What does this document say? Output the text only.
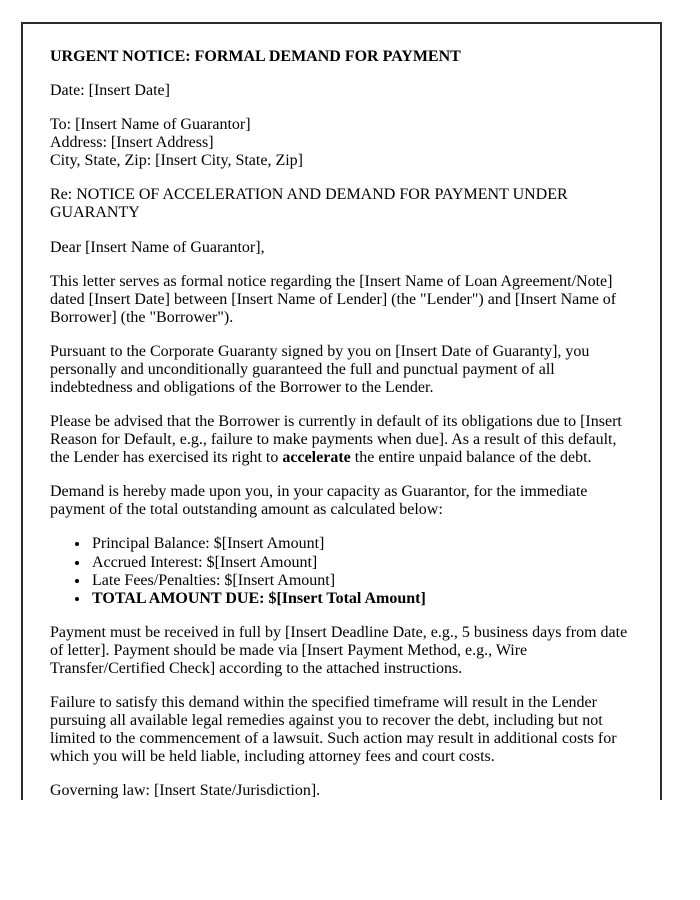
URGENT NOTICE: FORMAL DEMAND FOR PAYMENT

Date: [Insert Date]

To: [Insert Name of Guarantor]
Address: [Insert Address]
City, State, Zip: [Insert City, State, Zip]

Re: NOTICE OF ACCELERATION AND DEMAND FOR PAYMENT UNDER GUARANTY

Dear [Insert Name of Guarantor],

This letter serves as formal notice regarding the [Insert Name of Loan Agreement/Note] dated [Insert Date] between [Insert Name of Lender] (the "Lender") and [Insert Name of Borrower] (the "Borrower").

Pursuant to the Corporate Guaranty signed by you on [Insert Date of Guaranty], you personally and unconditionally guaranteed the full and punctual payment of all indebtedness and obligations of the Borrower to the Lender.

Please be advised that the Borrower is currently in default of its obligations due to [Insert Reason for Default, e.g., failure to make payments when due]. As a result of this default, the Lender has exercised its right to accelerate the entire unpaid balance of the debt.

Demand is hereby made upon you, in your capacity as Guarantor, for the immediate payment of the total outstanding amount as calculated below:

• Principal Balance: $[Insert Amount]
• Accrued Interest: $[Insert Amount]
• Late Fees/Penalties: $[Insert Amount]
• TOTAL AMOUNT DUE: $[Insert Total Amount]

Payment must be received in full by [Insert Deadline Date, e.g., 5 business days from date of letter]. Payment should be made via [Insert Payment Method, e.g., Wire Transfer/Certified Check] according to the attached instructions.

Failure to satisfy this demand within the specified timeframe will result in the Lender pursuing all available legal remedies against you to recover the debt, including but not limited to the commencement of a lawsuit. Such action may result in additional costs for which you will be held liable, including attorney fees and court costs.

Governing law: [Insert State/Jurisdiction].
